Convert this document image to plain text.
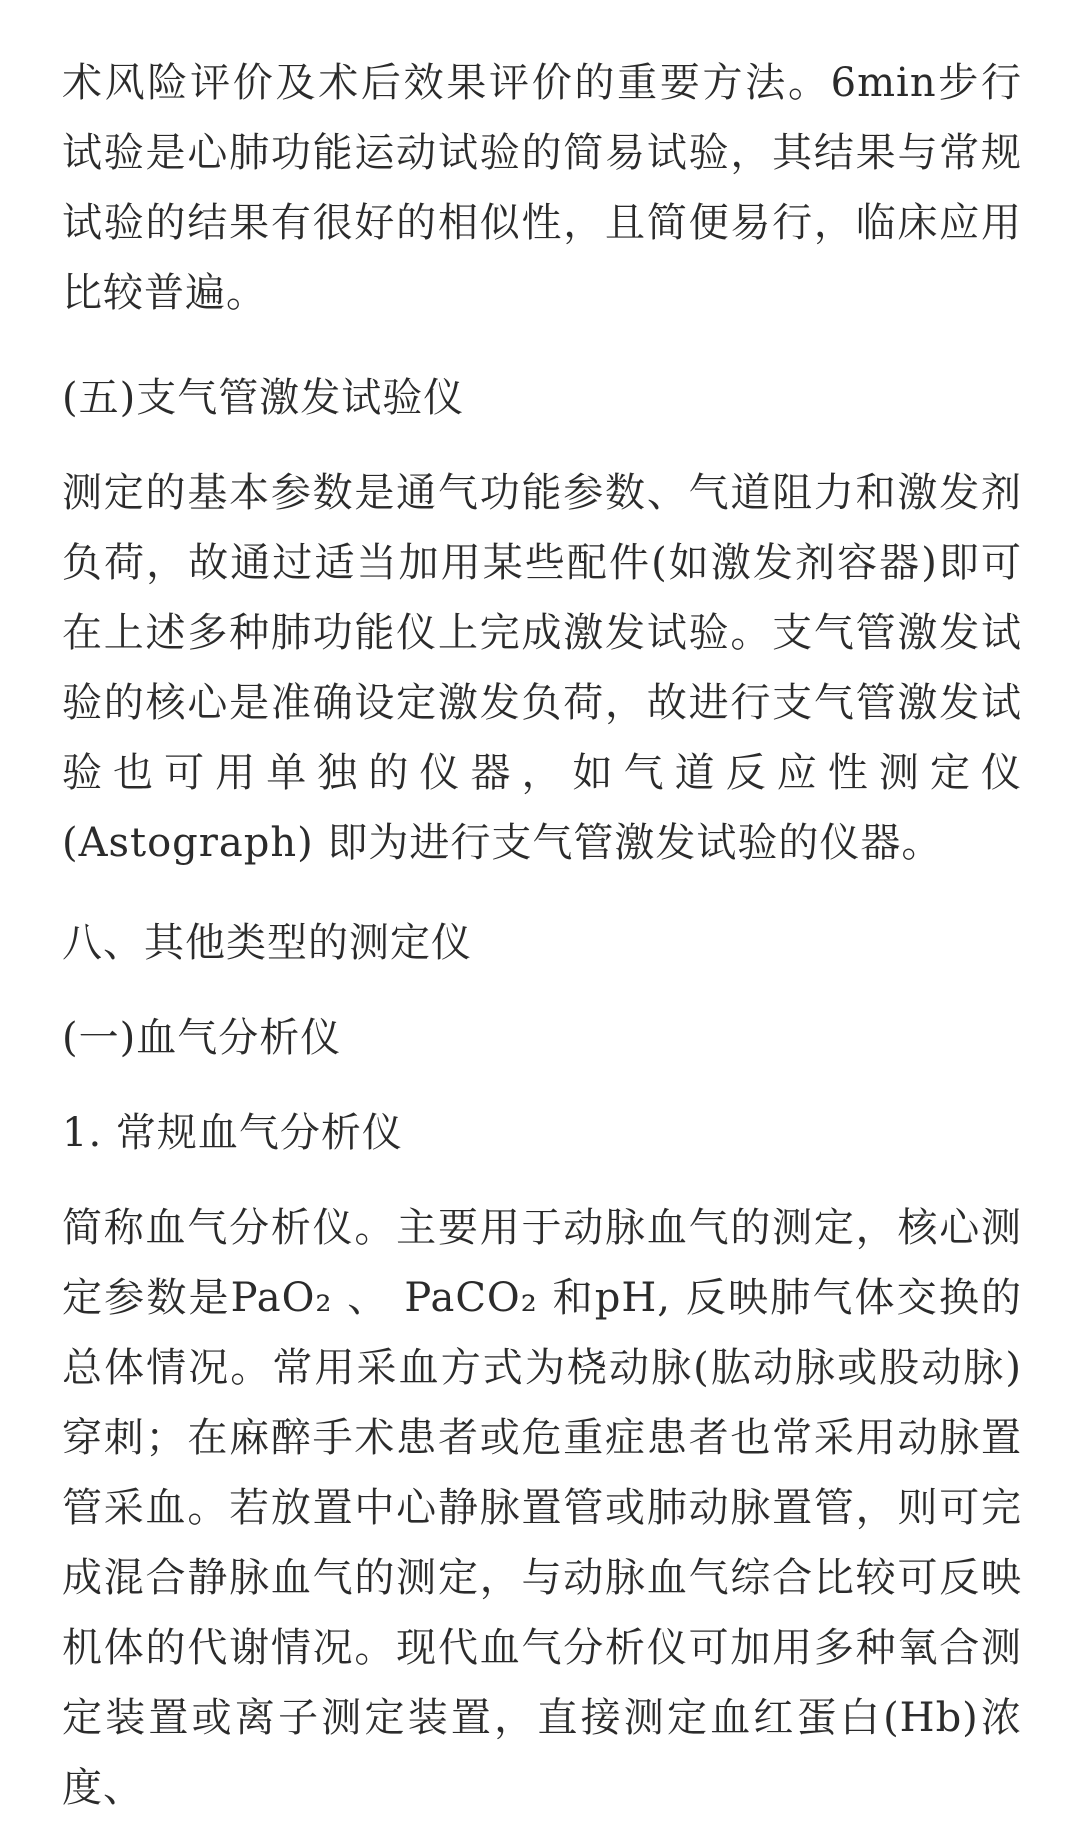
术风险评价及术后效果评价的重要方法。6min步行试验是心肺功能运动试验的简易试验，其结果与常规试验的结果有很好的相似性，且简便易行，临床应用比较普遍。

(五)支气管激发试验仪

测定的基本参数是通气功能参数、气道阻力和激发剂负荷，故通过适当加用某些配件(如激发剂容器)即可在上述多种肺功能仪上完成激发试验。支气管激发试验的核心是准确设定激发负荷，故进行支气管激发试验也可用单独的仪器，如气道反应性测定仪(Astograph) 即为进行支气管激发试验的仪器。

八、其他类型的测定仪

(一)血气分析仪

1. 常规血气分析仪

简称血气分析仪。主要用于动脉血气的测定，核心测定参数是PaO₂ 、 PaCO₂ 和pH, 反映肺气体交换的总体情况。常用采血方式为桡动脉(肱动脉或股动脉)穿刺；在麻醉手术患者或危重症患者也常采用动脉置管采血。若放置中心静脉置管或肺动脉置管，则可完成混合静脉血气的测定，与动脉血气综合比较可反映机体的代谢情况。现代血气分析仪可加用多种氧合测定装置或离子测定装置，直接测定血红蛋白(Hb)浓度、
